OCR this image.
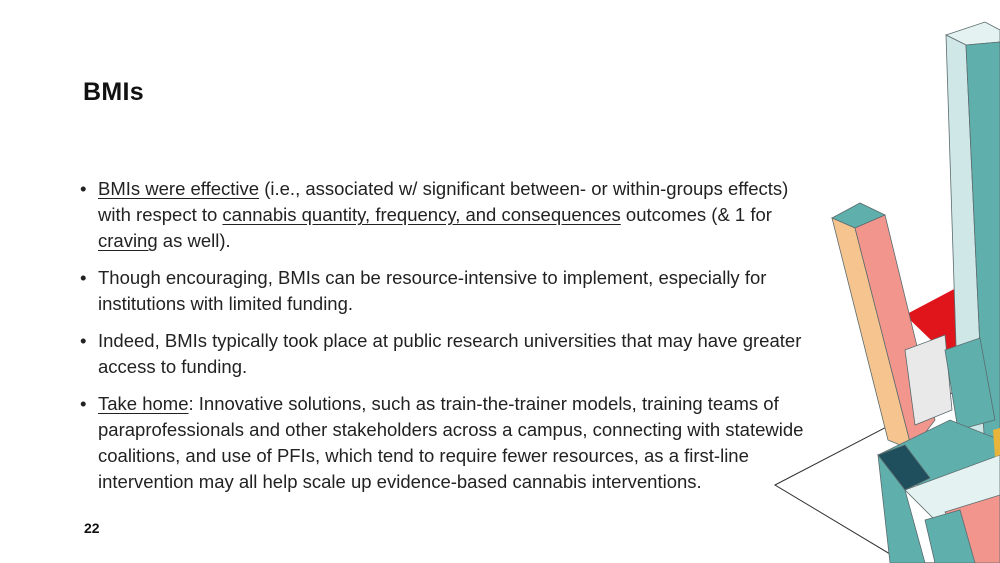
BMIs
• BMIs were effective (i.e., associated w/ significant between- or within-groups effects) with respect to cannabis quantity, frequency, and consequences outcomes (& 1 for craving as well).
• Though encouraging, BMIs can be resource-intensive to implement, especially for institutions with limited funding.
• Indeed, BMIs typically took place at public research universities that may have greater access to funding.
• Take home: Innovative solutions, such as train-the-trainer models, training teams of paraprofessionals and other stakeholders across a campus, connecting with statewide coalitions, and use of PFIs, which tend to require fewer resources, as a first-line intervention may all help scale up evidence-based cannabis interventions.
22
